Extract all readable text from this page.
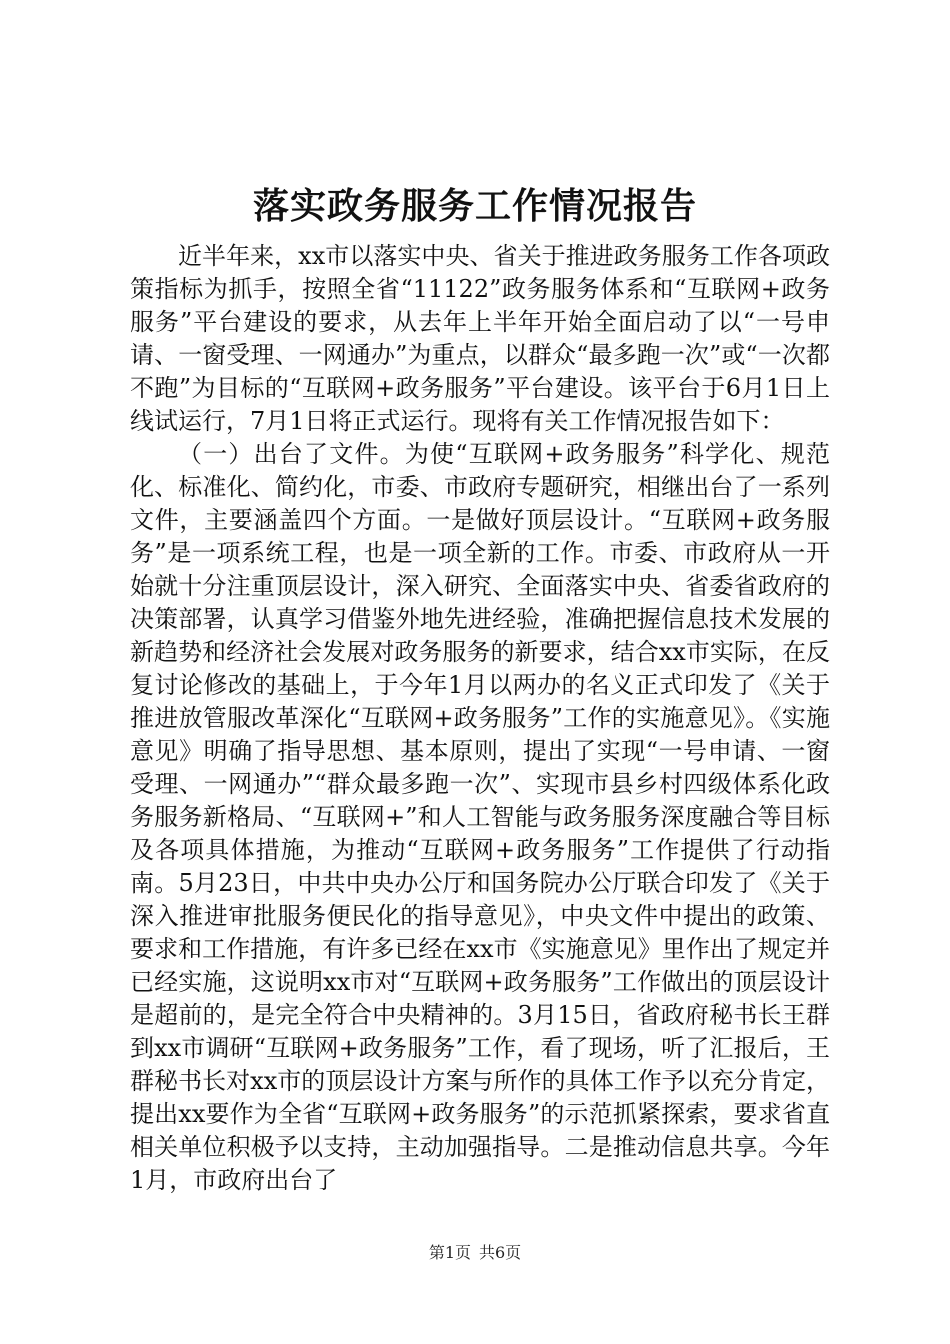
落实政务服务工作情况报告

近半年来，xx市以落实中央、省关于推进政务服务工作各项政策指标为抓手，按照全省“11122”政务服务体系和“互联网+政务服务”平台建设的要求，从去年上半年开始全面启动了以“一号申请、一窗受理、一网通办”为重点，以群众“最多跑一次”或“一次都不跑”为目标的“互联网+政务服务”平台建设。该平台于6月1日上线试运行，7月1日将正式运行。现将有关工作情况报告如下：

（一）出台了文件。为使“互联网+政务服务”科学化、规范化、标准化、简约化，市委、市政府专题研究，相继出台了一系列文件，主要涵盖四个方面。一是做好顶层设计。“互联网+政务服务”是一项系统工程，也是一项全新的工作。市委、市政府从一开始就十分注重顶层设计，深入研究、全面落实中央、省委省政府的决策部署，认真学习借鉴外地先进经验，准确把握信息技术发展的新趋势和经济社会发展对政务服务的新要求，结合xx市实际，在反复讨论修改的基础上，于今年1月以两办的名义正式印发了《关于推进放管服改革深化“互联网+政务服务”工作的实施意见》。《实施意见》明确了指导思想、基本原则，提出了实现“一号申请、一窗受理、一网通办”“群众最多跑一次”、实现市县乡村四级体系化政务服务新格局、“互联网+”和人工智能与政务服务深度融合等目标及各项具体措施，为推动“互联网+政务服务”工作提供了行动指南。5月23日，中共中央办公厅和国务院办公厅联合印发了《关于深入推进审批服务便民化的指导意见》，中央文件中提出的政策、要求和工作措施，有许多已经在xx市《实施意见》里作出了规定并已经实施，这说明xx市对“互联网+政务服务”工作做出的顶层设计是超前的，是完全符合中央精神的。3月15日，省政府秘书长王群到xx市调研“互联网+政务服务”工作，看了现场，听了汇报后，王群秘书长对xx市的顶层设计方案与所作的具体工作予以充分肯定，提出xx要作为全省“互联网+政务服务”的示范抓紧探索，要求省直相关单位积极予以支持，主动加强指导。二是推动信息共享。今年1月，市政府出台了

第1页 共6页
